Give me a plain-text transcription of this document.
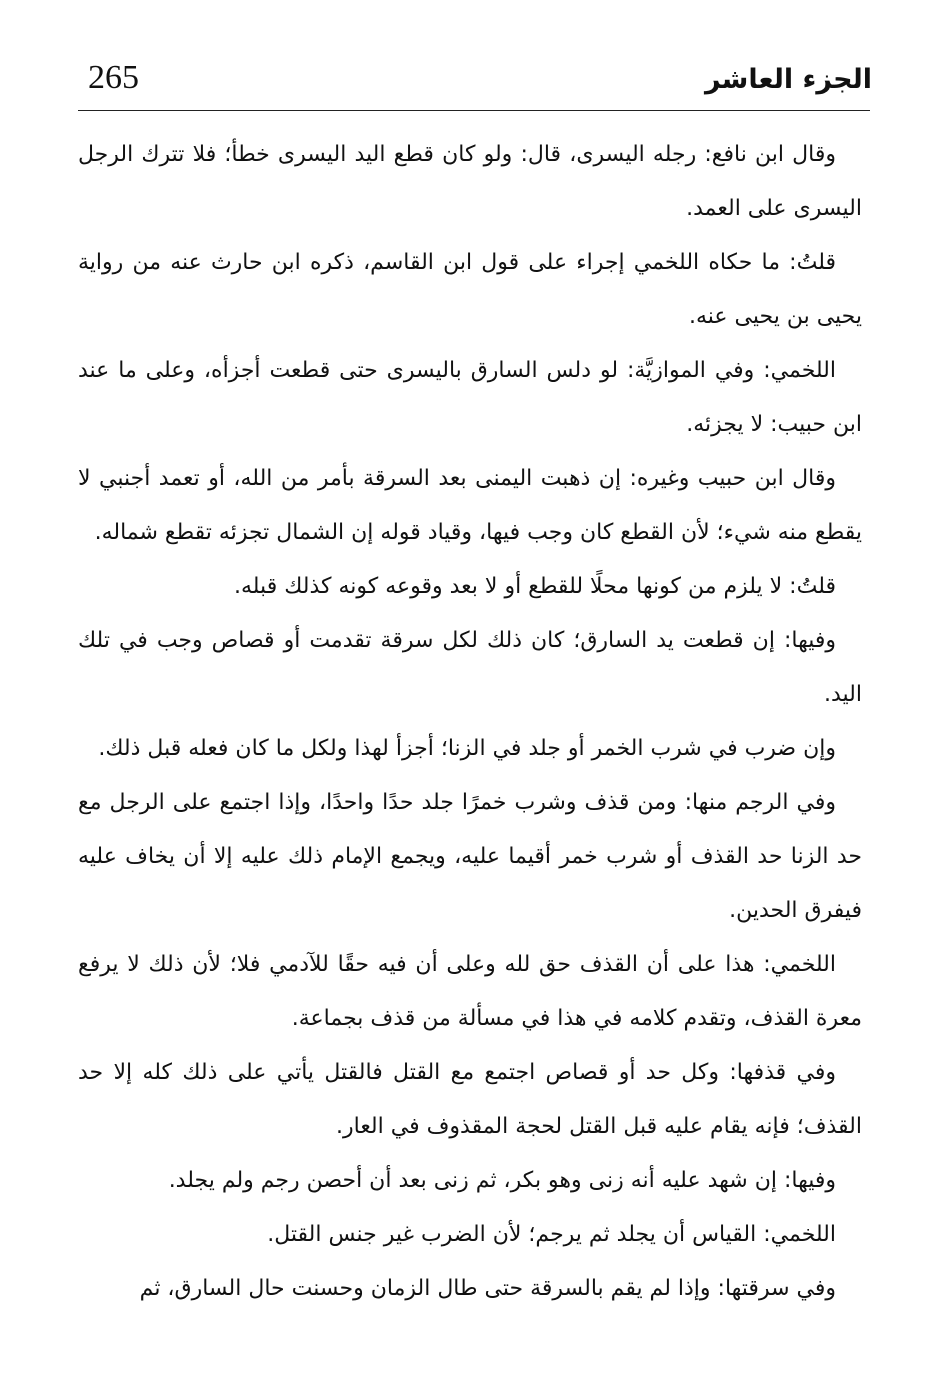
265	الجزء العاشر

وقال ابن نافع: رجله اليسرى، قال: ولو كان قطع اليد اليسرى خطأ؛ فلا تترك الرجل اليسرى على العمد.

قلتُ: ما حكاه اللخمي إجراء على قول ابن القاسم، ذكره ابن حارث عنه من رواية يحيى بن يحيى عنه.

اللخمي: وفي الموازيَّة: لو دلس السارق باليسرى حتى قطعت أجزأه، وعلى ما عند ابن حبيب: لا يجزئه.

وقال ابن حبيب وغيره: إن ذهبت اليمنى بعد السرقة بأمر من الله، أو تعمد أجنبي لا يقطع منه شيء؛ لأن القطع كان وجب فيها، وقياد قوله إن الشمال تجزئه تقطع شماله.

قلتُ: لا يلزم من كونها محلًا للقطع أو لا بعد وقوعه كونه كذلك قبله.

وفيها: إن قطعت يد السارق؛ كان ذلك لكل سرقة تقدمت أو قصاص وجب في تلك اليد.

وإن ضرب في شرب الخمر أو جلد في الزنا؛ أجزأ لهذا ولكل ما كان فعله قبل ذلك.

وفي الرجم منها: ومن قذف وشرب خمرًا جلد حدًا واحدًا، وإذا اجتمع على الرجل مع حد الزنا حد القذف أو شرب خمر أقيما عليه، ويجمع الإمام ذلك عليه إلا أن يخاف عليه فيفرق الحدين.

اللخمي: هذا على أن القذف حق لله وعلى أن فيه حقًا للآدمي فلا؛ لأن ذلك لا يرفع معرة القذف، وتقدم كلامه في هذا في مسألة من قذف بجماعة.

وفي قذفها: وكل حد أو قصاص اجتمع مع القتل فالقتل يأتي على ذلك كله إلا حد القذف؛ فإنه يقام عليه قبل القتل لحجة المقذوف في العار.

وفيها: إن شهد عليه أنه زنى وهو بكر، ثم زنى بعد أن أحصن رجم ولم يجلد.

اللخمي: القياس أن يجلد ثم يرجم؛ لأن الضرب غير جنس القتل.

وفي سرقتها: وإذا لم يقم بالسرقة حتى طال الزمان وحسنت حال السارق، ثم
